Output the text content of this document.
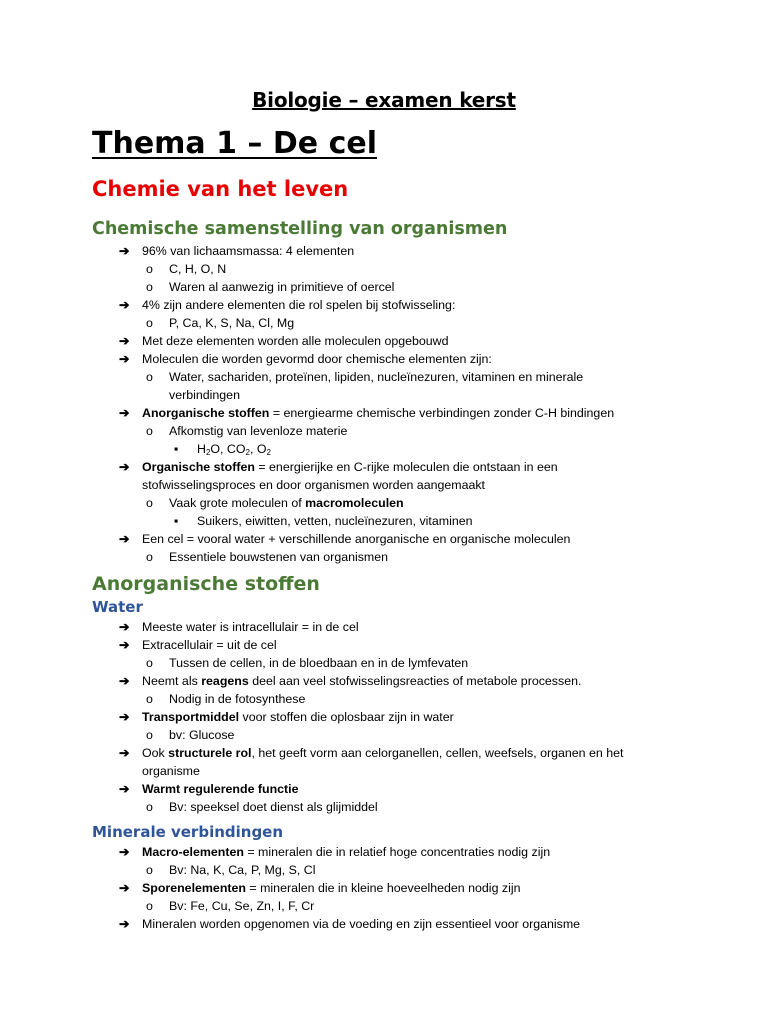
Biologie – examen kerst
Thema 1 – De cel
Chemie van het leven
Chemische samenstelling van organismen
➔ 96% van lichaamsmassa: 4 elementen
o C, H, O, N
o Waren al aanwezig in primitieve of oercel
➔ 4% zijn andere elementen die rol spelen bij stofwisseling:
o P, Ca, K, S, Na, Cl, Mg
➔ Met deze elementen worden alle moleculen opgebouwd
➔ Moleculen die worden gevormd door chemische elementen zijn:
o Water, sachariden, proteïnen, lipiden, nucleïnezuren, vitaminen en minerale verbindingen
➔ Anorganische stoffen = energiearme chemische verbindingen zonder C-H bindingen
o Afkomstig van levenloze materie
▪ $H_2O$, $CO_2$, $O_2$
➔ Organische stoffen = energierijke en C-rijke moleculen die ontstaan in een stofwisselingsproces en door organismen worden aangemaakt
o Vaak grote moleculen of macromoleculen
▪ Suikers, eiwitten, vetten, nucleïnezuren, vitaminen
➔ Een cel = vooral water + verschillende anorganische en organische moleculen
o Essentiele bouwstenen van organismen
Anorganische stoffen
Water
➔ Meeste water is intracellulair = in de cel
➔ Extracellulair = uit de cel
o Tussen de cellen, in de bloedbaan en in de lymfevaten
➔ Neemt als reagens deel aan veel stofwisselingsreacties of metabole processen.
o Nodig in de fotosynthese
➔ Transportmiddel voor stoffen die oplosbaar zijn in water
o bv: Glucose
➔ Ook structurele rol, het geeft vorm aan celorganellen, cellen, weefsels, organen en het organisme
➔ Warmt regulerende functie
o Bv: speeksel doet dienst als glijmiddel
Minerale verbindingen
➔ Macro-elementen = mineralen die in relatief hoge concentraties nodig zijn
o Bv: Na, K, Ca, P, Mg, S, Cl
➔ Sporenelementen = mineralen die in kleine hoeveelheden nodig zijn
o Bv: Fe, Cu, Se, Zn, I, F, Cr
➔ Mineralen worden opgenomen via de voeding en zijn essentieel voor organisme
